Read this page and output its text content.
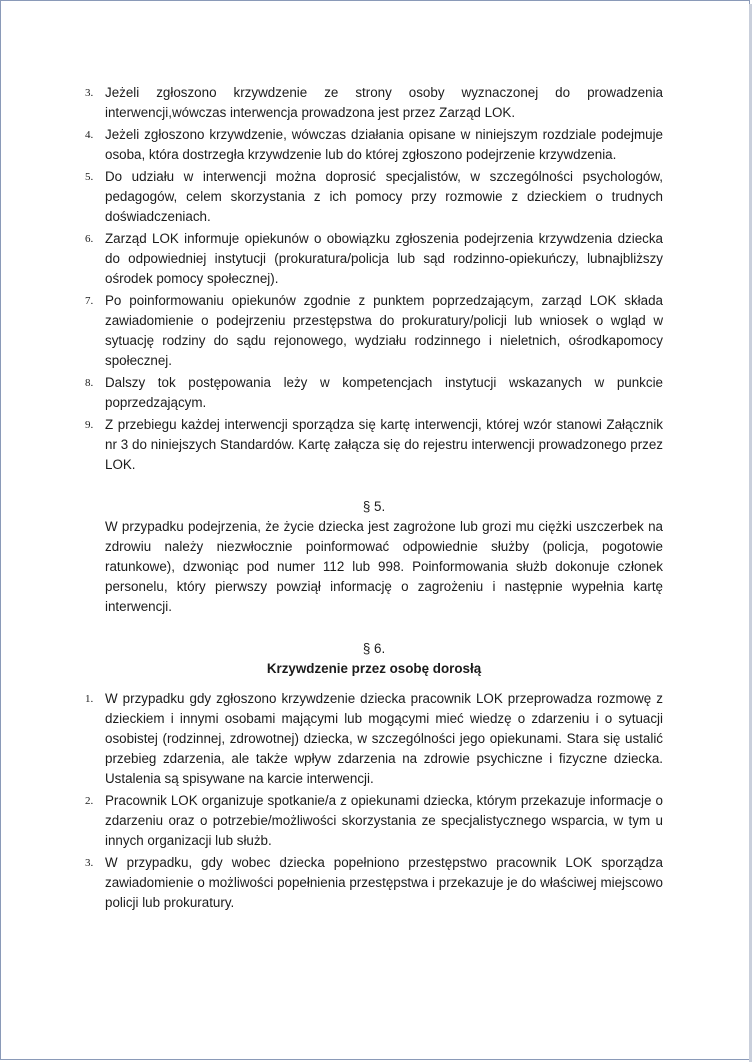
3. Jeżeli zgłoszono krzywdzenie ze strony osoby wyznaczonej do prowadzenia interwencji,wówczas interwencja prowadzona jest przez Zarząd LOK.
4. Jeżeli zgłoszono krzywdzenie, wówczas działania opisane w niniejszym rozdziale podejmuje osoba, która dostrzegła krzywdzenie lub do której zgłoszono podejrzenie krzywdzenia.
5. Do udziału w interwencji można doprosić specjalistów, w szczególności psychologów, pedagogów, celem skorzystania z ich pomocy przy rozmowie z dzieckiem o trudnych doświadczeniach.
6. Zarząd LOK informuje opiekunów o obowiązku zgłoszenia podejrzenia krzywdzenia dziecka do odpowiedniej instytucji (prokuratura/policja lub sąd rodzinno-opiekuńczy, lubnajbliższy ośrodek pomocy społecznej).
7. Po poinformowaniu opiekunów zgodnie z punktem poprzedzającym, zarząd LOK składa zawiadomienie o podejrzeniu przestępstwa do prokuratury/policji lub wniosek o wgląd w sytuację rodziny do sądu rejonowego, wydziału rodzinnego i nieletnich, ośrodkapomocy społecznej.
8. Dalszy tok postępowania leży w kompetencjach instytucji wskazanych w punkcie poprzedzającym.
9. Z przebiegu każdej interwencji sporządza się kartę interwencji, której wzór stanowi Załącznik nr 3 do niniejszych Standardów. Kartę załącza się do rejestru interwencji prowadzonego przez LOK.
§ 5.

W przypadku podejrzenia, że życie dziecka jest zagrożone lub grozi mu ciężki uszczerbek na zdrowiu należy niezwłocznie poinformować odpowiednie służby (policja, pogotowie ratunkowe), dzwoniąc pod numer 112 lub 998. Poinformowania służb dokonuje członek personelu, który pierwszy powziął informację o zagrożeniu i następnie wypełnia kartę interwencji.

§ 6.
Krzywdzenie przez osobę dorosłą
1. W przypadku gdy zgłoszono krzywdzenie dziecka pracownik LOK przeprowadza rozmowę z dzieckiem i innymi osobami mającymi lub mogącymi mieć wiedzę o zdarzeniu i o sytuacji osobistej (rodzinnej, zdrowotnej) dziecka, w szczególności jego opiekunami. Stara się ustalić przebieg zdarzenia, ale także wpływ zdarzenia na zdrowie psychiczne i fizyczne dziecka. Ustalenia są spisywane na karcie interwencji.
2. Pracownik LOK organizuje spotkanie/a z opiekunami dziecka, którym przekazuje informacje o zdarzeniu oraz o potrzebie/możliwości skorzystania ze specjalistycznego wsparcia, w tym u innych organizacji lub służb.
3. W przypadku, gdy wobec dziecka popełniono przestępstwo pracownik LOK sporządza zawiadomienie o możliwości popełnienia przestępstwa i przekazuje je do właściwej miejscowo policji lub prokuratury.
